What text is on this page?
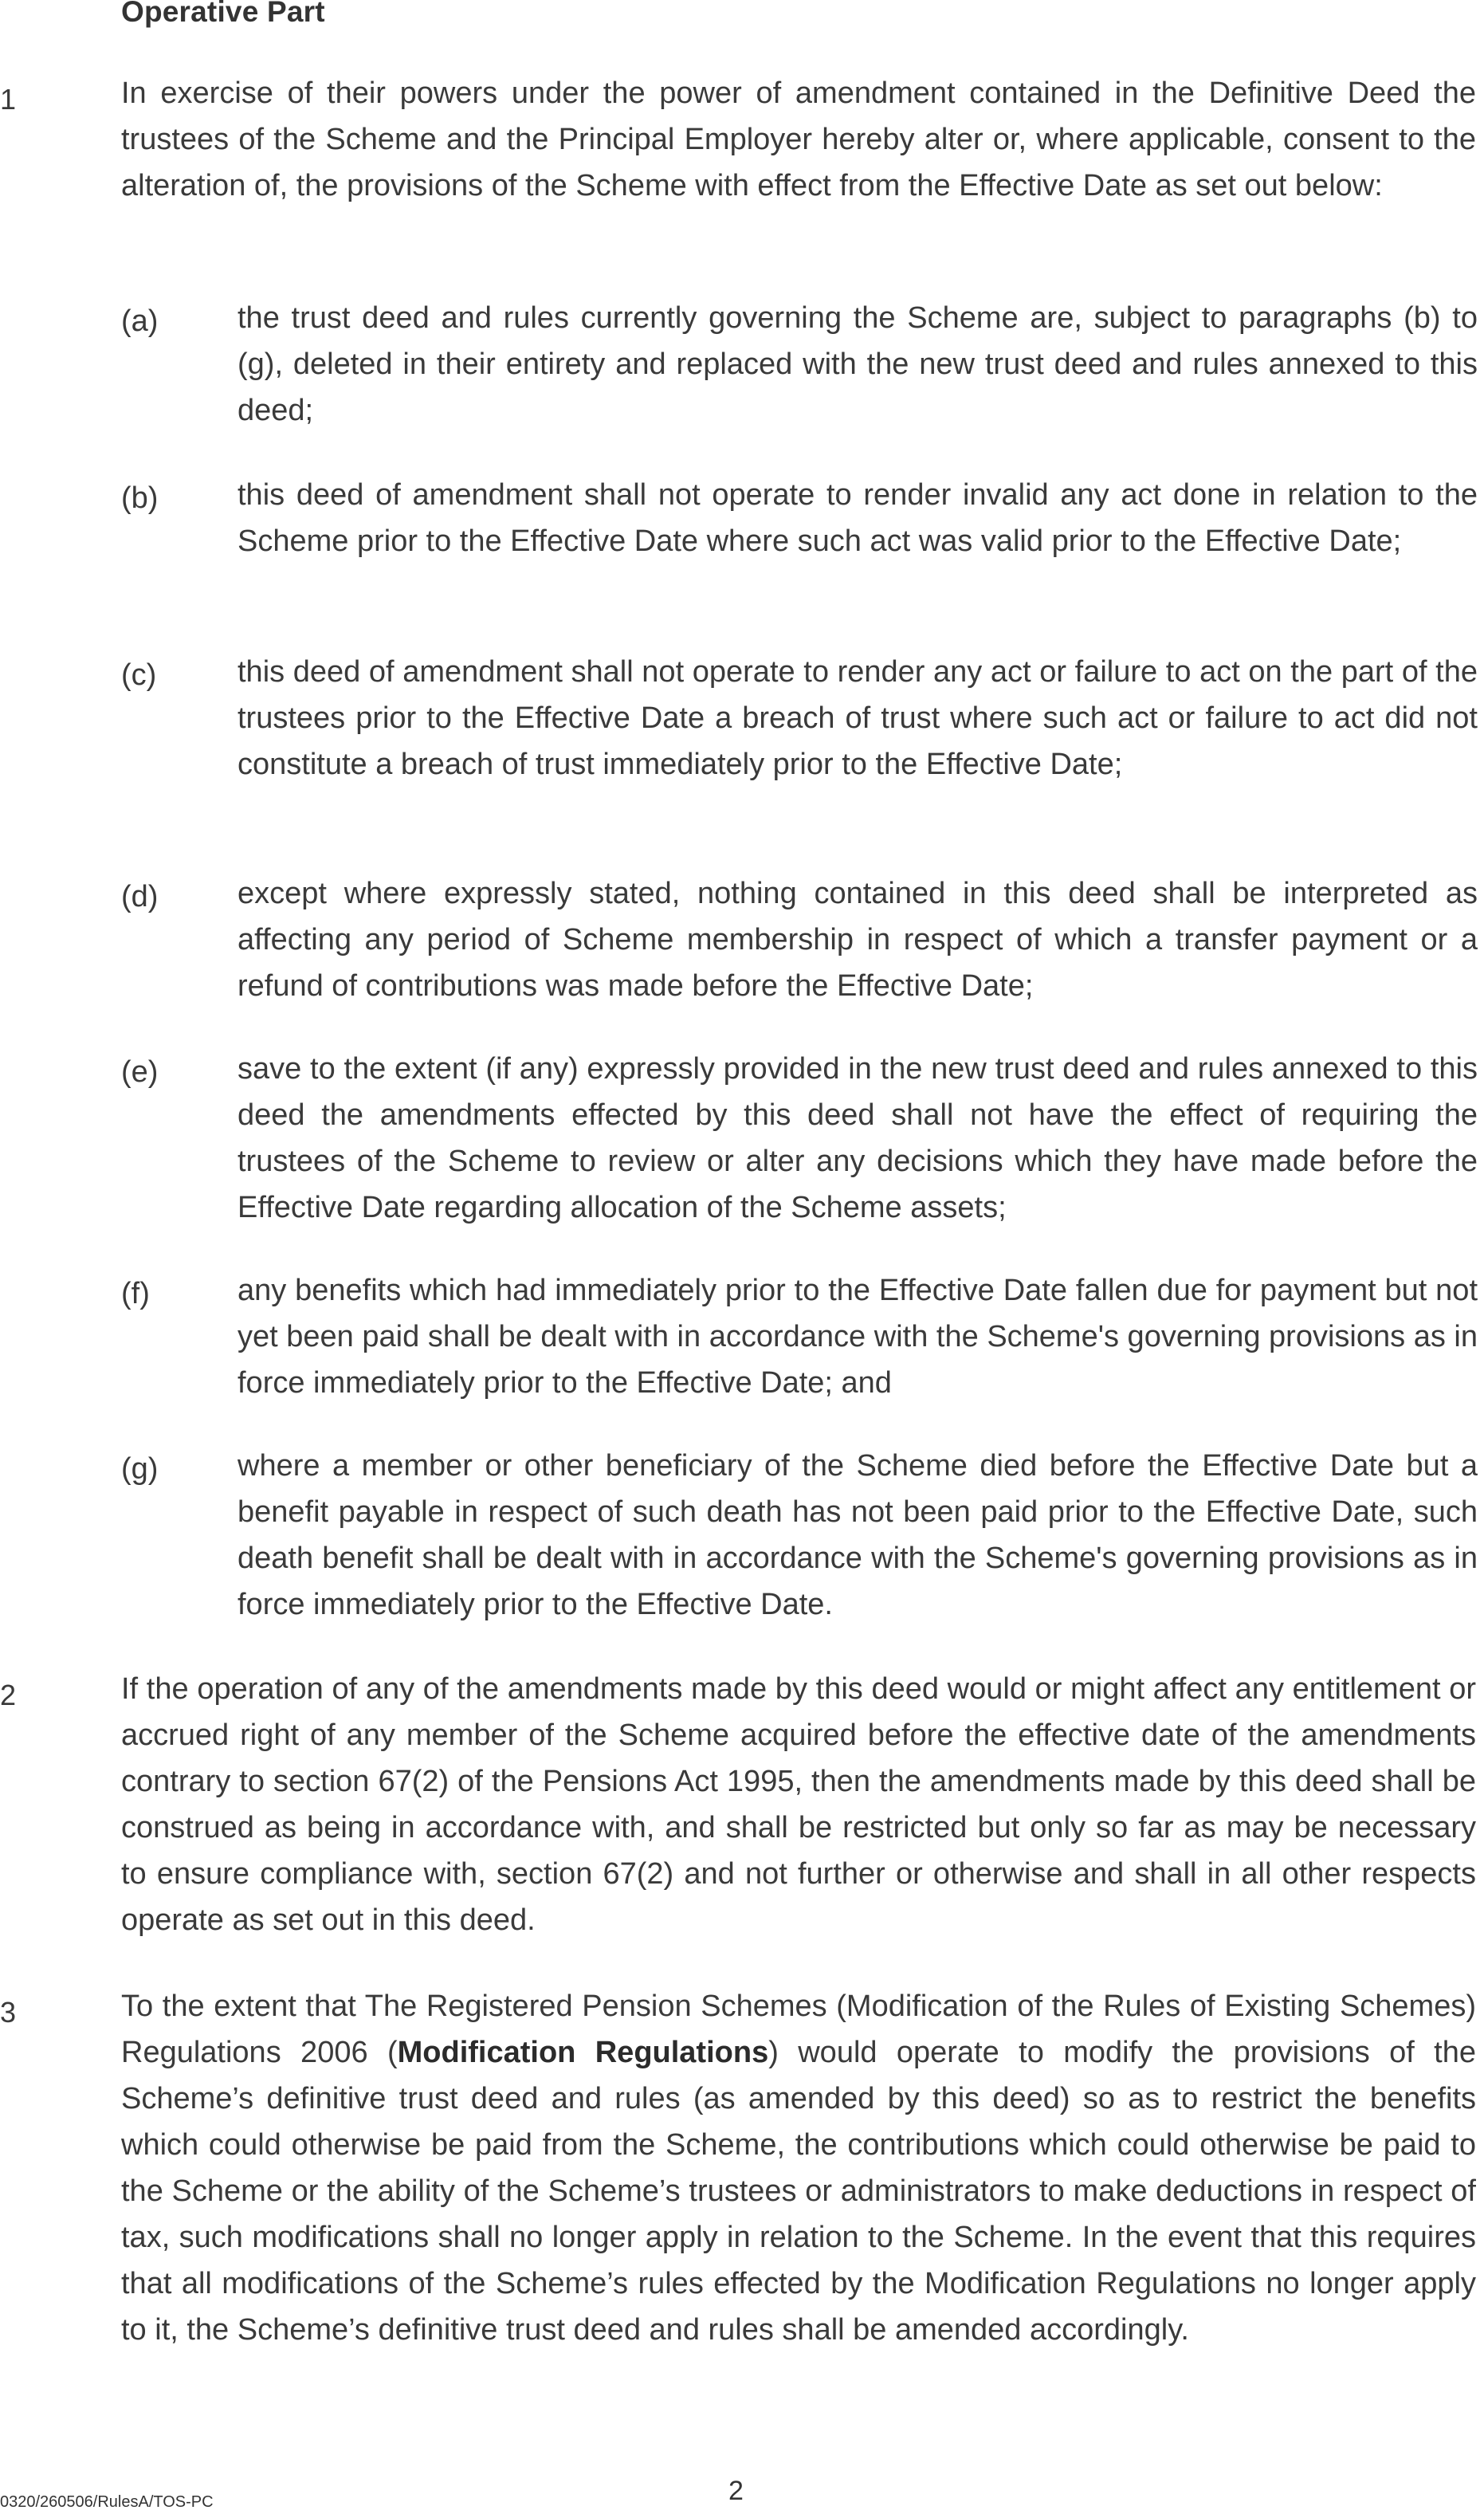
Operative Part
1	In exercise of their powers under the power of amendment contained in the Definitive Deed the trustees of the Scheme and the Principal Employer hereby alter or, where applicable, consent to the alteration of, the provisions of the Scheme with effect from the Effective Date as set out below:
(a)	the trust deed and rules currently governing the Scheme are, subject to paragraphs (b) to (g), deleted in their entirety and replaced with the new trust deed and rules annexed to this deed;
(b)	this deed of amendment shall not operate to render invalid any act done in relation to the Scheme prior to the Effective Date where such act was valid prior to the Effective Date;
(c)	this deed of amendment shall not operate to render any act or failure to act on the part of the trustees prior to the Effective Date a breach of trust where such act or failure to act did not constitute a breach of trust immediately prior to the Effective Date;
(d)	except where expressly stated, nothing contained in this deed shall be interpreted as affecting any period of Scheme membership in respect of which a transfer payment or a refund of contributions was made before the Effective Date;
(e)	save to the extent (if any) expressly provided in the new trust deed and rules annexed to this deed the amendments effected by this deed shall not have the effect of requiring the trustees of the Scheme to review or alter any decisions which they have made before the Effective Date regarding allocation of the Scheme assets;
(f)	any benefits which had immediately prior to the Effective Date fallen due for payment but not yet been paid shall be dealt with in accordance with the Scheme's governing provisions as in force immediately prior to the Effective Date; and
(g)	where a member or other beneficiary of the Scheme died before the Effective Date but a benefit payable in respect of such death has not been paid prior to the Effective Date, such death benefit shall be dealt with in accordance with the Scheme's governing provisions as in force immediately prior to the Effective Date.
2	If the operation of any of the amendments made by this deed would or might affect any entitlement or accrued right of any member of the Scheme acquired before the effective date of the amendments contrary to section 67(2) of the Pensions Act 1995, then the amendments made by this deed shall be construed as being in accordance with, and shall be restricted but only so far as may be necessary to ensure compliance with, section 67(2) and not further or otherwise and shall in all other respects operate as set out in this deed.
3	To the extent that The Registered Pension Schemes (Modification of the Rules of Existing Schemes) Regulations 2006 (Modification Regulations) would operate to modify the provisions of the Scheme’s definitive trust deed and rules (as amended by this deed) so as to restrict the benefits which could otherwise be paid from the Scheme, the contributions which could otherwise be paid to the Scheme or the ability of the Scheme’s trustees or administrators to make deductions in respect of tax, such modifications shall no longer apply in relation to the Scheme. In the event that this requires that all modifications of the Scheme’s rules effected by the Modification Regulations no longer apply to it, the Scheme’s definitive trust deed and rules shall be amended accordingly.
0320/260506/RulesA/TOS-PC	2
